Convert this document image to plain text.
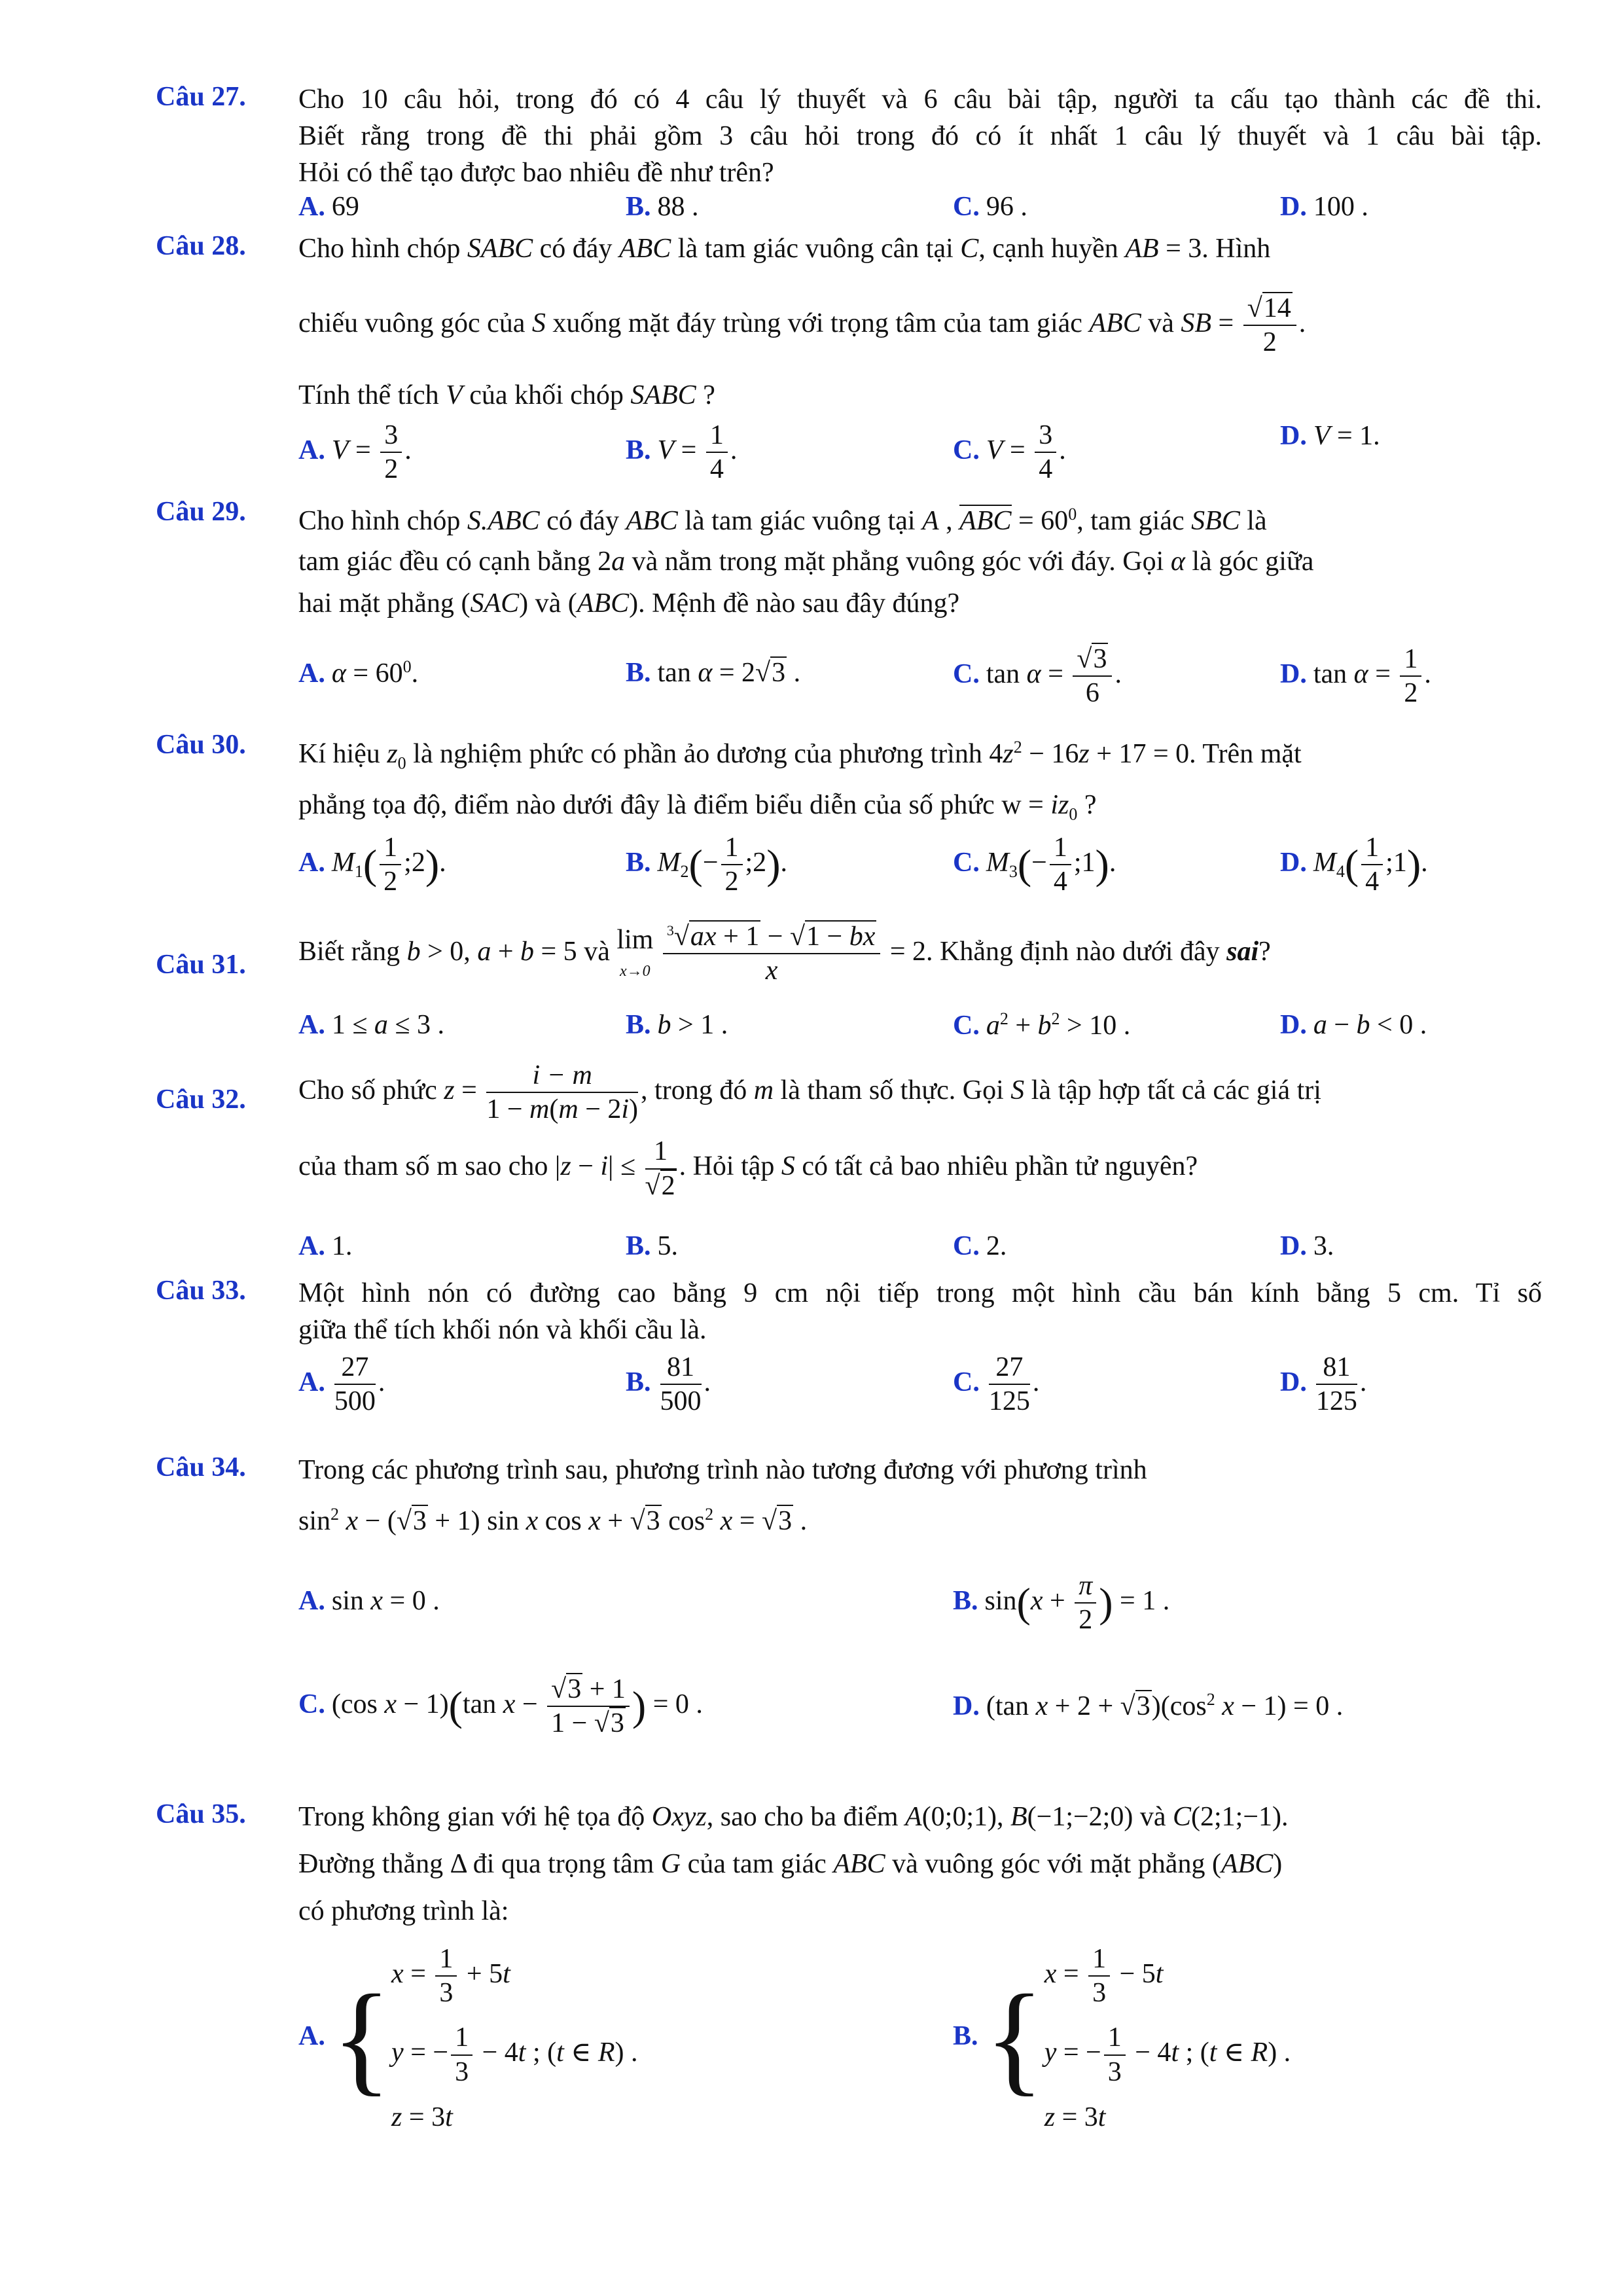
Câu 27. Cho 10 câu hỏi, trong đó có 4 câu lý thuyết và 6 câu bài tập, người ta cấu tạo thành các đề thi.
Biết rằng trong đề thi phải gồm 3 câu hỏi trong đó có ít nhất 1 câu lý thuyết và 1 câu bài tập.
Hỏi có thể tạo được bao nhiêu đề như trên?
A. 69	B. 88 .	C. 96 .	D. 100 .
Câu 28. Cho hình chóp SABC có đáy ABC là tam giác vuông cân tại C, cạnh huyền AB = 3. Hình
chiếu vuông góc của S xuống mặt đáy trùng với trọng tâm của tam giác ABC và SB = $\frac{√14}{2}$ .
Tính thể tích V của khối chóp SABC ?
A. $V = \frac{3}{2}$ .	B. $V = \frac{1}{4}$ .	C. $V = \frac{3}{4}$ .	D. V = 1.
Câu 29. Cho hình chóp S.ABC có đáy ABC là tam giác vuông tại A , ABC = $60^0$, tam giác SBC là
tam giác đều có cạnh bằng 2a và nằm trong mặt phẳng vuông góc với đáy. Gọi α là góc giữa
hai mặt phẳng (SAC) và (ABC). Mệnh đề nào sau đây đúng?
A. $\alpha = 60^0$.	B. tan α = 2√3 .	C. $\tan \alpha = \frac{√3}{6}$ .	D. $\tan \alpha = \frac{1}{2}$ .
Câu 30. Kí hiệu $z_0$ là nghiệm phức có phần ảo dương của phương trình $4z^2 - 16z + 17 = 0$. Trên mặt
phẳng tọa độ, điểm nào dưới đây là điểm biểu diễn của số phức $w = iz_0$ ?
A. $M_1( \frac{1}{2}$ ;2).	B. $M_2(- \frac{1}{2}$ ;2).	C. $M_3(- \frac{1}{4}$ ;1).	D. $M_4( \frac{1}{4}$ ;1).
Câu 31. Biết rằng b > 0, a + b = 5 và lim
$x\to 0 \frac{^3√ax + 1 - √1 - bx}{x} = 2$. Khẳng định nào dưới đây sai?
A. 1 ≤ a ≤ 3 .	B. b > 1 .	C. $a^2 + b^2 > 10$ .	D. a − b < 0 .
Câu 32. Cho số phức $z = \frac{i - m}{1 - m(m - 2i)}$ , trong đó m là tham số thực. Gọi S là tập hợp tất cả các giá trị
của tham số m sao cho $|z - i| \le \frac{1}{√2}$ . Hỏi tập S có tất cả bao nhiêu phần tử nguyên?
A. 1.	B. 5.	C. 2.	D. 3.
Câu 33. Một hình nón có đường cao bằng 9 cm nội tiếp trong một hình cầu bán kính bằng 5 cm. Tỉ số
giữa thể tích khối nón và khối cầu là.
A. $\frac{27}{500}$ .	B. $\frac{81}{500}$ .	C. $\frac{27}{125}$ .	D. $\frac{81}{125}$ .
Câu 34. Trong các phương trình sau, phương trình nào tương đương với phương trình
$\sin^2 x - (√3 + 1)$ sin x cos x + √3 $\cos^2 x = √3$ .
A. sin x = 0 .	B. $\sin(x + \frac{\pi}{2}$ ) = 1 .
C. (cos x − 1)(tan $x - \frac{√3 + 1}{1 - √3}$ ) = 0 .	D. (tan $x + 2 + √3)(\cos^2$ x − 1) = 0 .
Câu 35. Trong không gian với hệ tọa độ Oxyz, sao cho ba điểm A(0;0;1), B(−1;−2;0) và C(2;1;−1).
Đường thẳng Δ đi qua trọng tâm G của tam giác ABC và vuông góc với mặt phẳng (ABC)
có phương trình là:
A.{ $x = \frac{1}{3} + 5t$
y = − $\frac{1}{3} - 4t$ ; (t ∈ R) .
z = 3t
B.{ $x = \frac{1}{3} - 5t$
y = − $\frac{1}{3} - 4t$ ; (t ∈ R) .
z = 3t
